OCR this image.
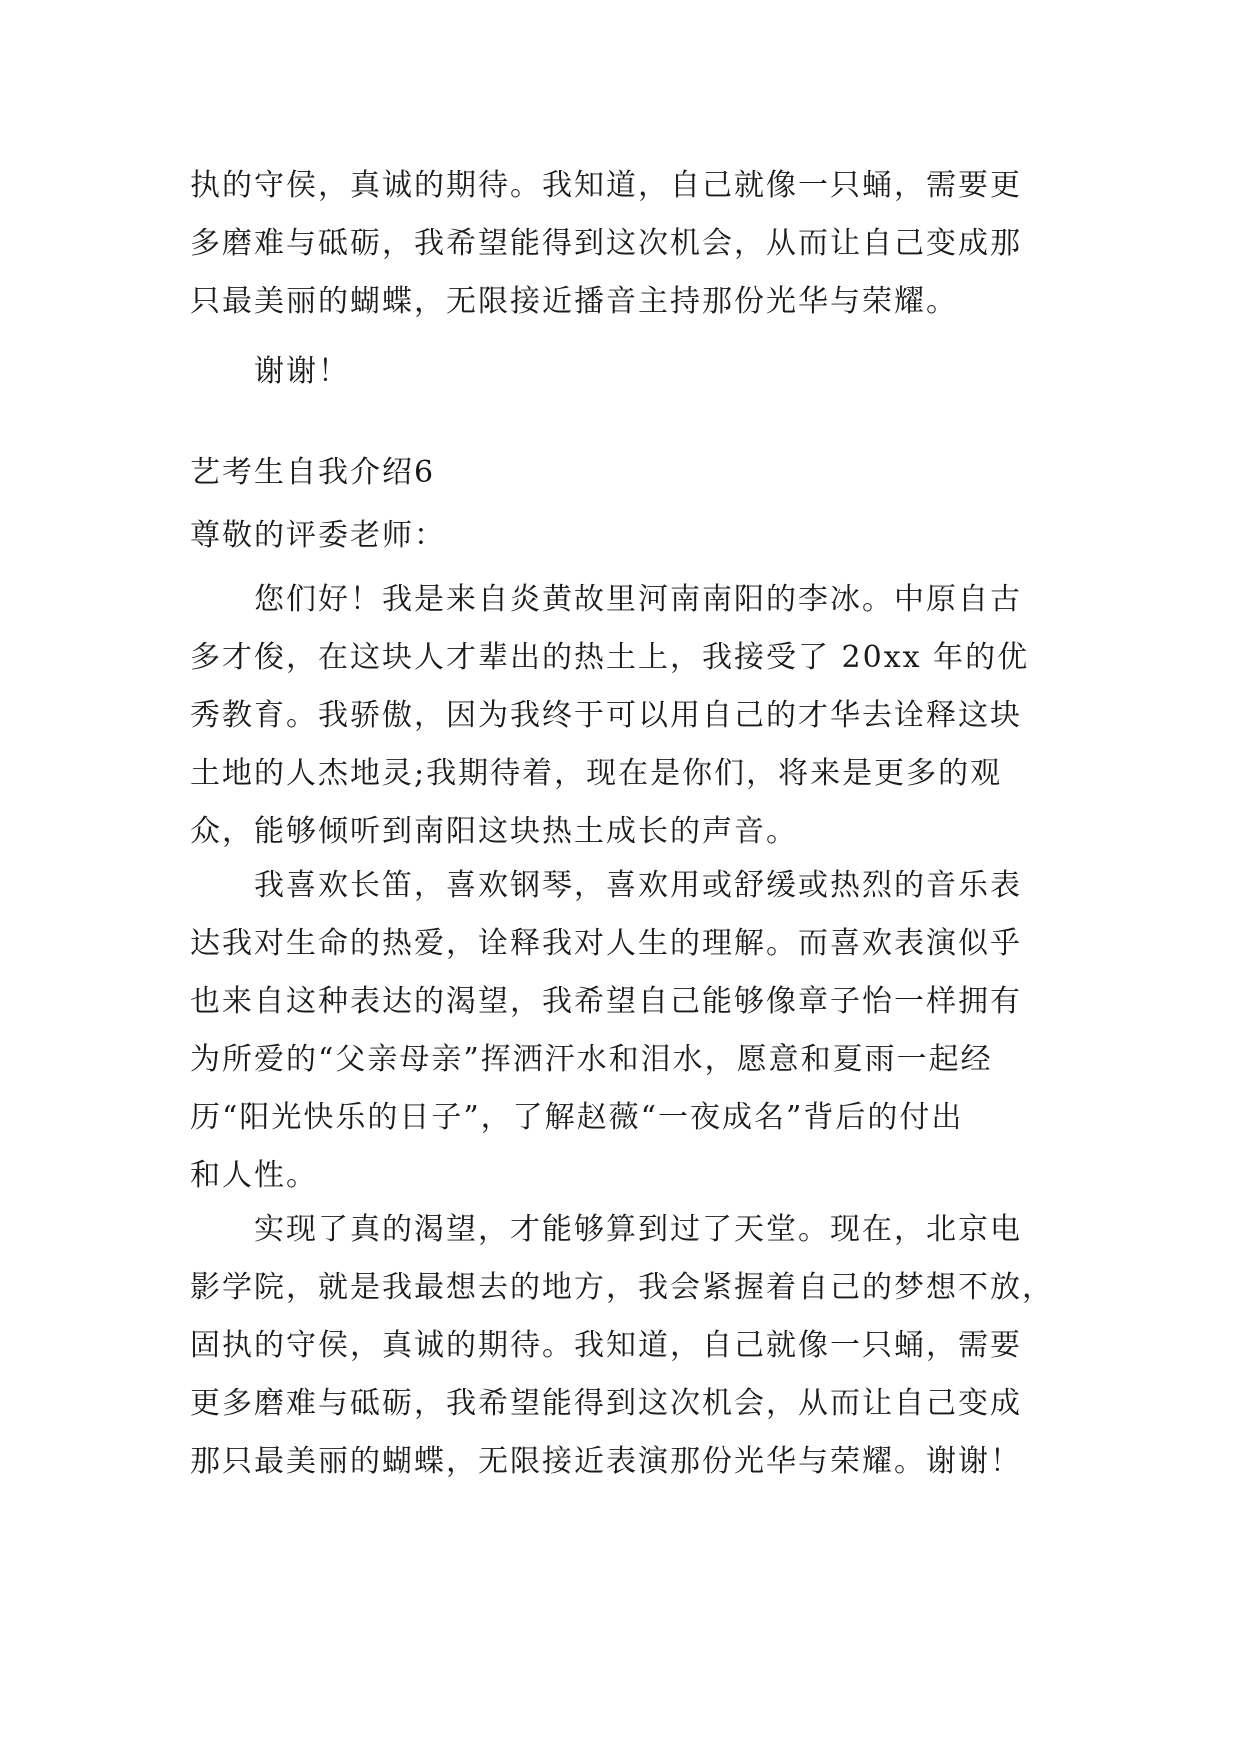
执的守侯，真诚的期待。我知道，自己就像一只蛹，需要更
多磨难与砥砺，我希望能得到这次机会，从而让自己变成那
只最美丽的蝴蝶，无限接近播音主持那份光华与荣耀。
谢谢！
艺考生自我介绍6
尊敬的评委老师：
您们好！我是来自炎黄故里河南南阳的李冰。中原自古
多才俊，在这块人才辈出的热土上，我接受了 20xx 年的优
秀教育。我骄傲，因为我终于可以用自己的才华去诠释这块
土地的人杰地灵;我期待着，现在是你们，将来是更多的观
众，能够倾听到南阳这块热土成长的声音。
我喜欢长笛，喜欢钢琴，喜欢用或舒缓或热烈的音乐表
达我对生命的热爱，诠释我对人生的理解。而喜欢表演似乎
也来自这种表达的渴望，我希望自己能够像章子怡一样拥有
为所爱的“父亲母亲”挥洒汗水和泪水，愿意和夏雨一起经
历“阳光快乐的日子”，了解赵薇“一夜成名”背后的付出
和人性。
实现了真的渴望，才能够算到过了天堂。现在，北京电
影学院，就是我最想去的地方，我会紧握着自己的梦想不放，
固执的守侯，真诚的期待。我知道，自己就像一只蛹，需要
更多磨难与砥砺，我希望能得到这次机会，从而让自己变成
那只最美丽的蝴蝶，无限接近表演那份光华与荣耀。谢谢！
